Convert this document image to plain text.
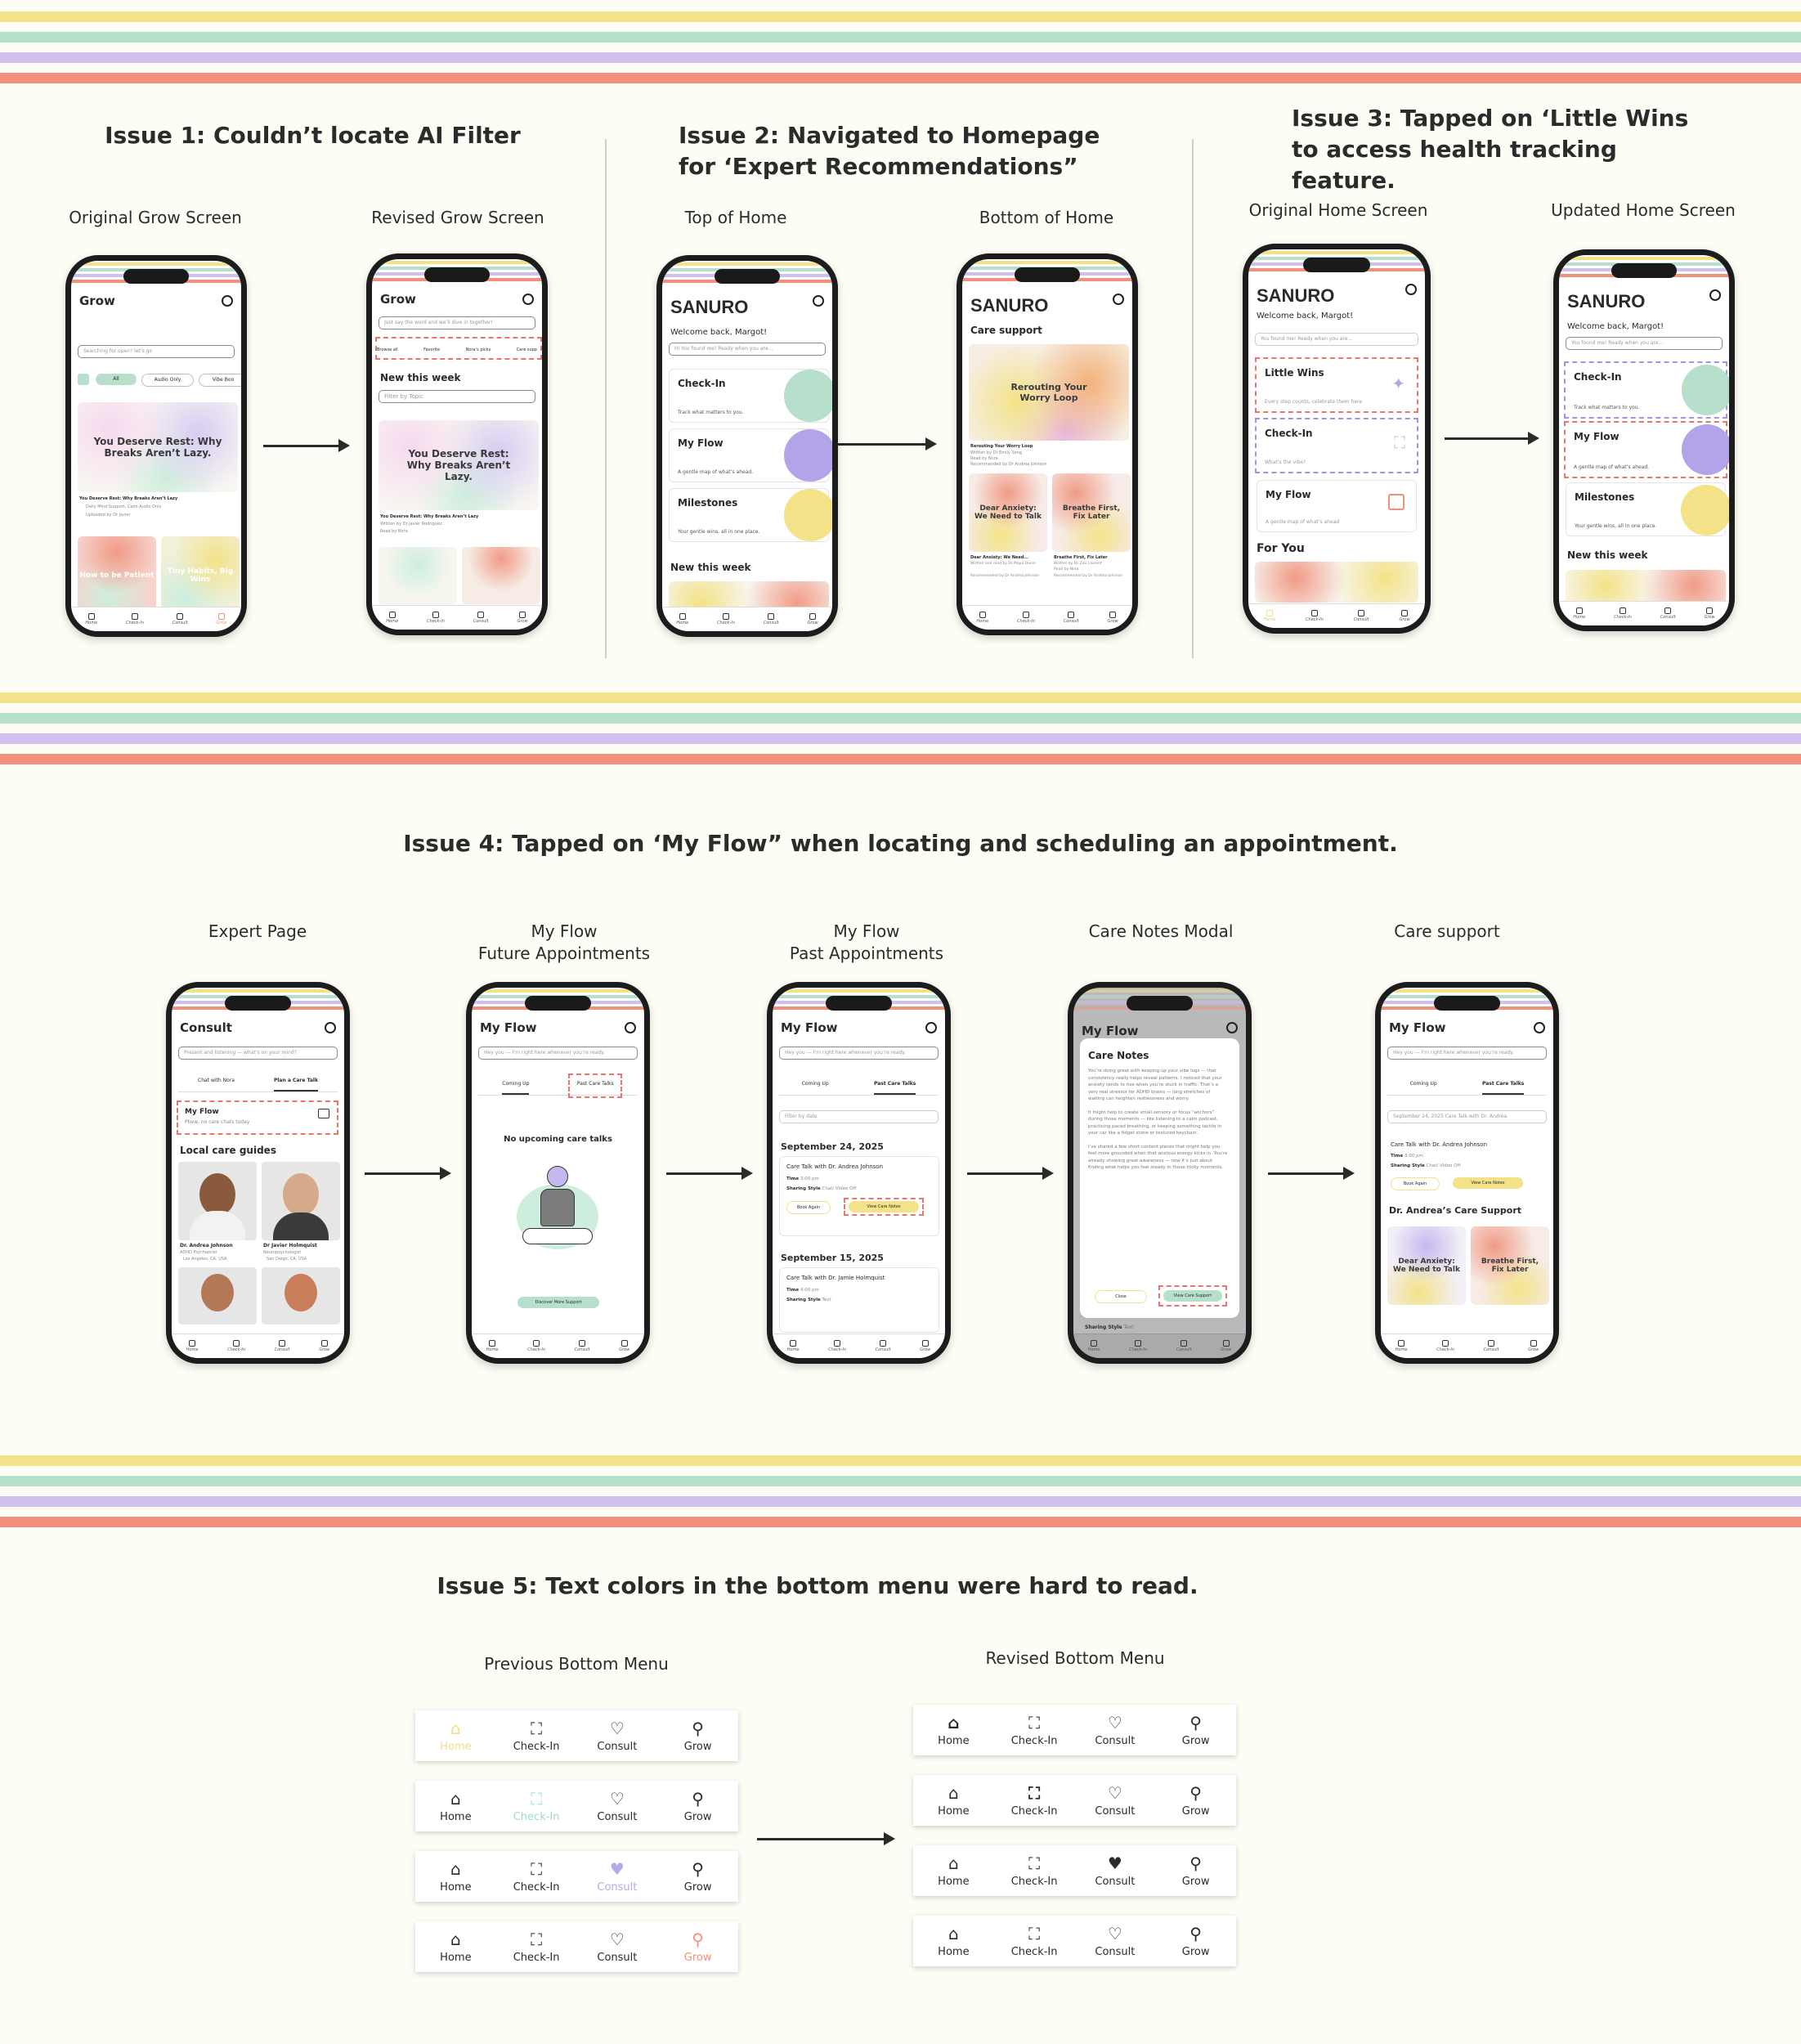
Issue 1: Couldn’t locate AI Filter	Issue 2: Navigated to Homepage for ‘Expert Recommendations”
Issue 3: Tapped on ‘Little Wins to access health tracking feature.
Issue 4: Tapped on ‘My Flow” when locating and scheduling an appointment.
Issue 5: Text colors in the bottom menu were hard to read.
Original Grow Screen	Revised Grow Screen	Top of Home	Bottom of Home	Original Home Screen	Updated Home Screen
Expert Page	My Flow
Future Appointments
My Flow
Past Appointments
Care Notes Modal	Care support
Previous Bottom Menu	Revised Bottom Menu
Grow
Searching for open? let’s go
All	Audio Only	Vibe Boo
You Deserve Rest: Why Breaks Aren’t Lazy.
You Deserve Rest: Why Breaks Aren’t Lazy
Daily Mind Support, Calm Audio Only
Uploaded by Dr Javier
How to be Patient	Tiny Habits, Big Wins
Home	Check-In	Consult	Grow
Grow
Just say the word and we’ll dive in together!
Browse all	Favorite	Nora’s picks	Care supp
New this week
Filter by Topic
You Deserve Rest: Why Breaks Aren’t Lazy.
You Deserve Rest: Why Breaks Aren’t Lazy
Written by Dr Javier Rodriguez
Read by Nora
Home	Check-In	Consult	Grow
SANURO
Welcome back, Margot!
Hi You found me! Ready when you are...
Check-In
Track what matters to you.
My Flow
A gentle map of what’s ahead.
Milestones
Your gentle wins, all in one place.
New this week
Home	Check-In	Consult	Grow
SANURO
Care support
Rerouting Your Worry Loop
Rerouting Your Worry Loop
Written by Dr Emily Song
Read by Nora
Recommended by Dr Andrea Johnson
Dear Anxiety: We Need to Talk
Breathe First, Fix Later
Dear Anxiety: We Need...
Written and read by Dr Maya Quinn
Recommended by Dr Andrea Johnson
Breathe First, Fix Later
Written by Dr Zoe Laurent
Read by Nora
Recommended by Dr Andrea Johnson
Home	Check-In	Consult	Grow
SANURO
Welcome back, Margot!
You found me! Ready when you are...
Little Wins
Every step counts, celebrate them here
✦
Check-In
What’s the vibe?
⛶
My Flow
A gentle map of what’s ahead
For You
Home	Check-In	Consult	Grow
SANURO
Welcome back, Margot!
You found me! Ready when you are...
Check-In
Track what matters to you.
My Flow
A gentle map of what’s ahead.
Milestones
Your gentle wins, all in one place.
New this week
Home	Check-In	Consult	Grow
Consult
Present and listening — what’s on your mind?
Chat with Nora	Plan a Care Talk
My Flow
Phew, no care chats today
Local care guides
Dr. Andrea Johnson
ADHD Psychiatrist
Los Angeles, CA, USA
Dr Javier Holmquist
Neuropsychologist
San Diego, CA, USA
Home	Check-In	Consult	Grow
My Flow
Hey you — I’m right here whenever you’re ready.
Coming Up	Past Care Talks
No upcoming care talks
Discover More Support
Home	Check-In	Consult	Grow
My Flow
Hey you — I’m right here whenever you’re ready.
Coming Up	Past Care Talks
Filter by date
September 24, 2025
Care Talk with Dr. Andrea Johnson
Time 3:00 pm
Sharing Style Chat/ Video Off
Book Again	View Care Notes
September 15, 2025
Care Talk with Dr. Jamie Holmquist
Time 4:00 pm
Sharing Style Text
Home	Check-In	Consult	Grow
My Flow
Care Notes

You’re doing great with keeping up your vibe logs — that consistency really helps reveal patterns. I noticed that your anxiety tends to rise when you’re stuck in traffic. That’s a very real stressor for ADHD brains — long stretches of waiting can heighten restlessness and worry.

It might help to create small sensory or focus “anchors” during those moments — like listening to a calm podcast, practicing paced breathing, or keeping something tactile in your car like a fidget stone or textured keychain.

I’ve shared a few short content pieces that might help you feel more grounded when that anxious energy kicks in. You’re already showing great awareness — now it’s just about finding what helps you feel steady in those tricky moments.

Close	View Care Support
Sharing Style Text
Home	Check-In	Consult	Grow
My Flow
Hey you — I’m right here whenever you’re ready.
Coming Up	Past Care Talks
September 24, 2025 Care Talk with Dr. Andrea
Care Talk with Dr. Andrea Johnson
Time 3:00 pm
Sharing Style Chat/ Video Off
Book Again	View Care Notes
Dr. Andrea’s Care Support
Dear Anxiety: We Need to Talk
Breathe First, Fix Later
Home	Check-In	Consult	Grow
⌂
Home
⛶
Check-In
♡
Consult
⚲
Grow
⌂
Home
⛶
Check-In
♡
Consult
⚲
Grow
⌂
Home
⛶
Check-In
♥
Consult
⚲
Grow
⌂
Home
⛶
Check-In
♡
Consult
⚲
Grow
⌂
Home
⛶
Check-In
♡
Consult
⚲
Grow
⌂
Home
⛶
Check-In
♡
Consult
⚲
Grow
⌂
Home
⛶
Check-In
♥
Consult
⚲
Grow
⌂
Home
⛶
Check-In
♡
Consult
⚲
Grow
